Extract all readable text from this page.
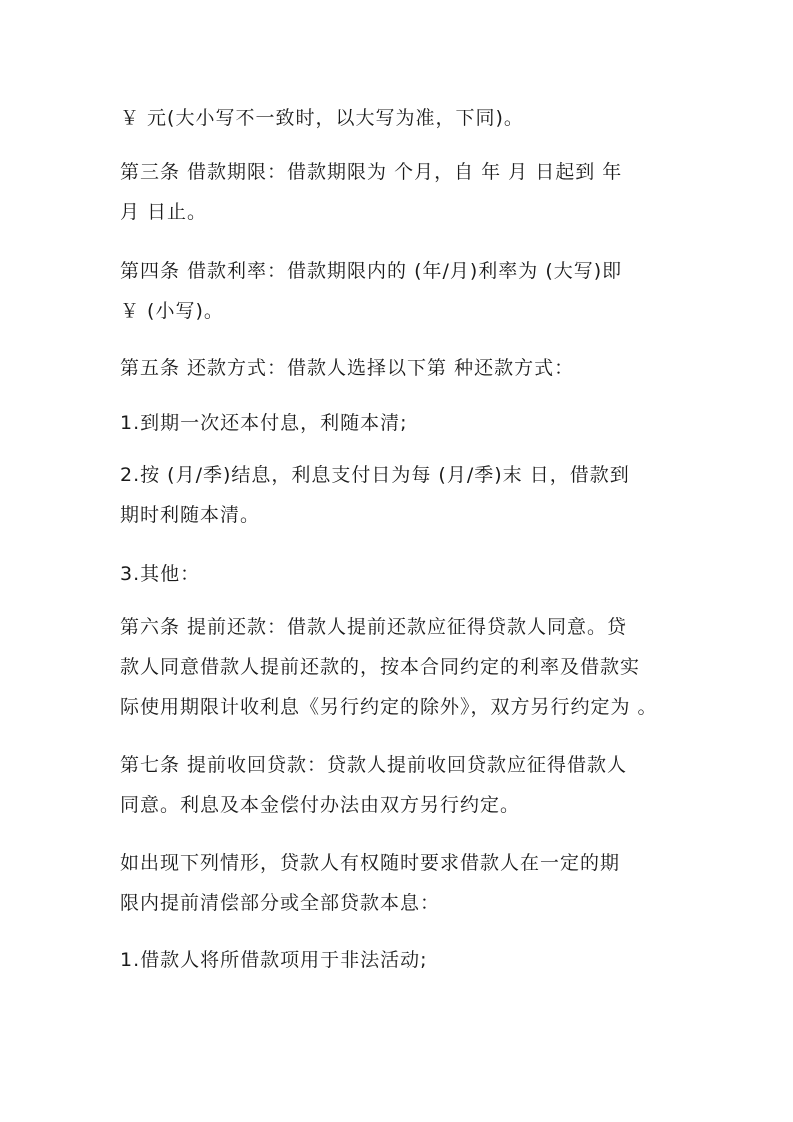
￥ 元(大小写不一致时，以大写为准，下同)。
第三条 借款期限：借款期限为 个月，自 年 月 日起到 年
月 日止。
第四条 借款利率：借款期限内的 (年/月)利率为 (大写)即
￥ (小写)。
第五条 还款方式：借款人选择以下第 种还款方式：
1.到期一次还本付息，利随本清;
2.按 (月/季)结息，利息支付日为每 (月/季)末 日，借款到
期时利随本清。
3.其他：
第六条 提前还款：借款人提前还款应征得贷款人同意。贷
款人同意借款人提前还款的，按本合同约定的利率及借款实
际使用期限计收利息《另行约定的除外》，双方另行约定为 。
第七条 提前收回贷款：贷款人提前收回贷款应征得借款人
同意。利息及本金偿付办法由双方另行约定。
如出现下列情形，贷款人有权随时要求借款人在一定的期
限内提前清偿部分或全部贷款本息：
1.借款人将所借款项用于非法活动;
